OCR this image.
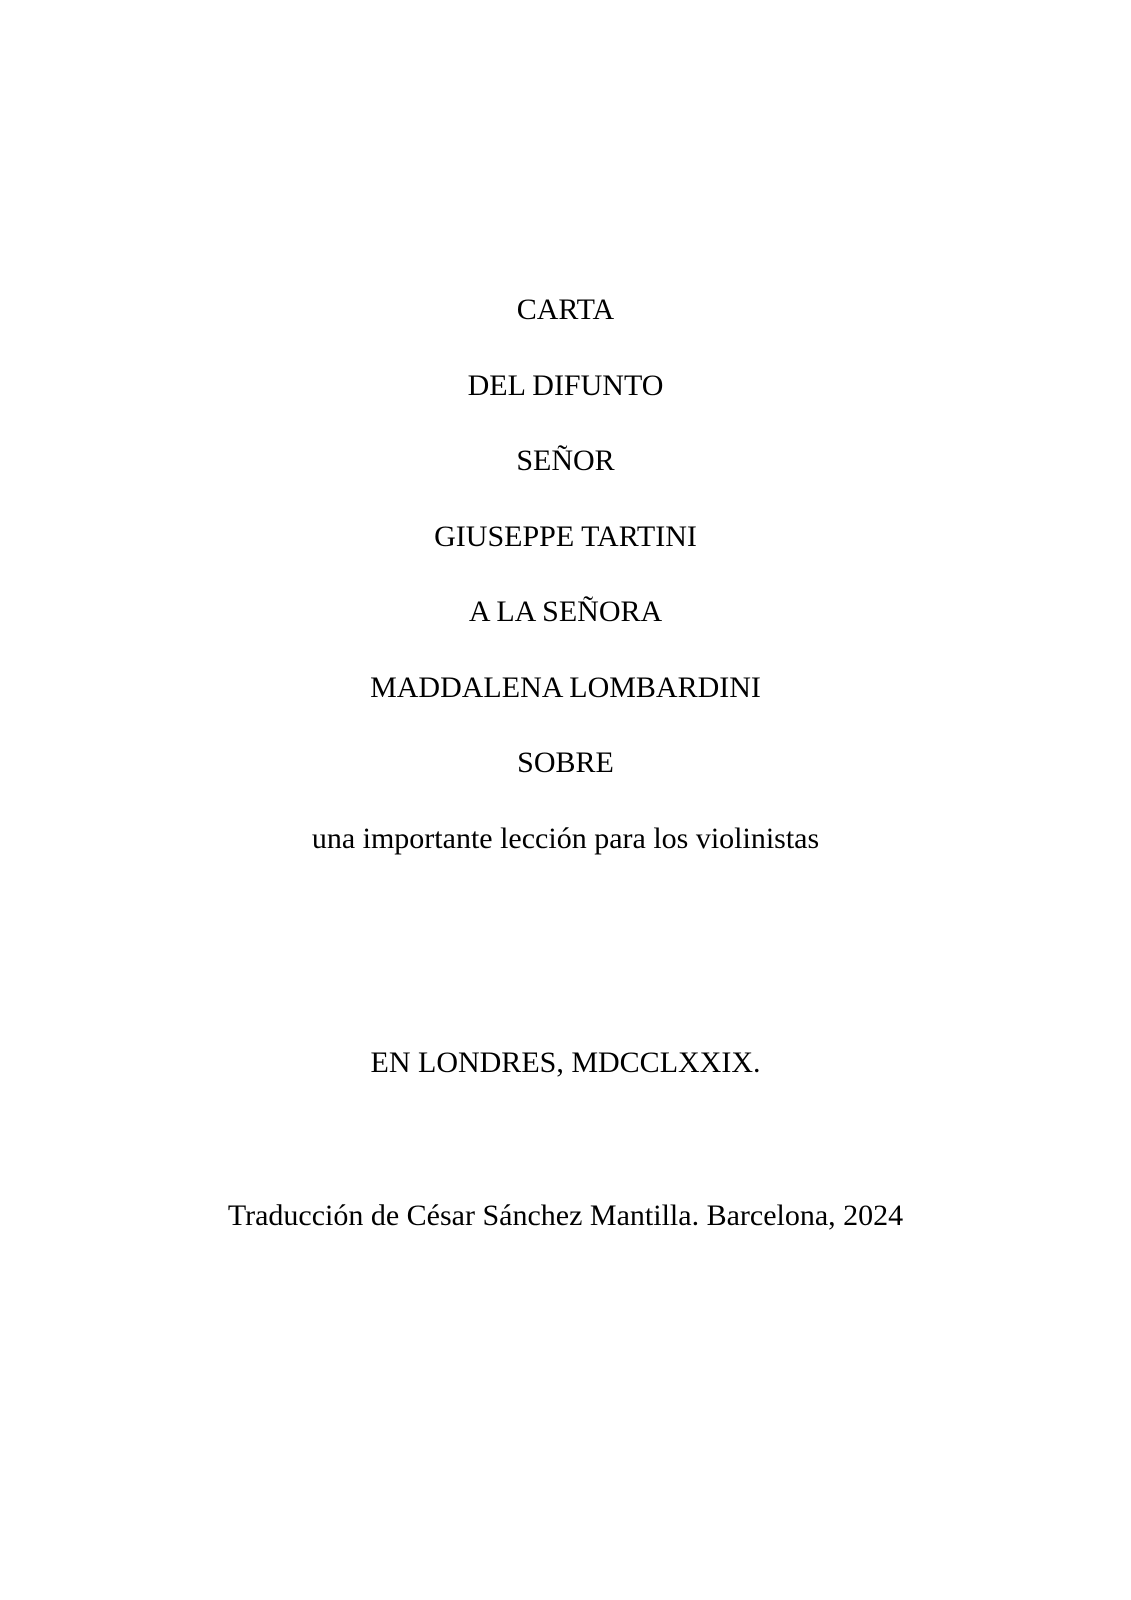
CARTA
DEL DIFUNTO
SEÑOR
GIUSEPPE TARTINI
A LA SEÑORA
MADDALENA LOMBARDINI
SOBRE
una importante lección para los violinistas
EN LONDRES, MDCCLXXIX.
Traducción de César Sánchez Mantilla. Barcelona, 2024
